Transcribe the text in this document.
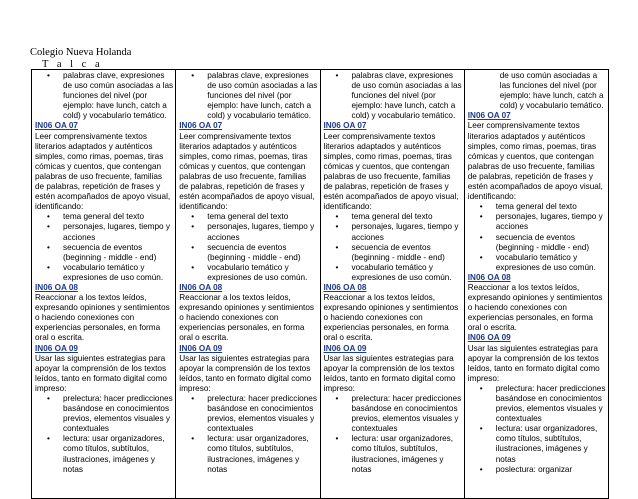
Colegio Nueva Holanda
T a l c a
• palabras clave, expresiones de uso común asociadas a las funciones del nivel (por ejemplo: have lunch, catch a cold) y vocabulario temático.
IN06 OA 07

Leer comprensivamente textos literarios adaptados y auténticos simples, como rimas, poemas, tiras cómicas y cuentos, que contengan palabras de uso frecuente, familias de palabras, repetición de frases y estén acompañados de apoyo visual, identificando:

• tema general del texto
• personajes, lugares, tiempo y acciones
• secuencia de eventos (beginning - middle - end)
• vocabulario temático y expresiones de uso común.
IN06 OA 08

Reaccionar a los textos leídos, expresando opiniones y sentimientos o haciendo conexiones con experiencias personales, en forma oral o escrita.

IN06 OA 09

Usar las siguientes estrategias para apoyar la comprensión de los textos leídos, tanto en formato digital como impreso:

• prelectura: hacer predicciones basándose en conocimientos previos, elementos visuales y contextuales
• lectura: usar organizadores, como títulos, subtítulos, ilustraciones, imágenes y notas

• palabras clave, expresiones de uso común asociadas a las funciones del nivel (por ejemplo: have lunch, catch a cold) y vocabulario temático.
IN06 OA 07

Leer comprensivamente textos literarios adaptados y auténticos simples, como rimas, poemas, tiras cómicas y cuentos, que contengan palabras de uso frecuente, familias de palabras, repetición de frases y estén acompañados de apoyo visual, identificando:

• tema general del texto
• personajes, lugares, tiempo y acciones
• secuencia de eventos (beginning - middle - end)
• vocabulario temático y expresiones de uso común.
IN06 OA 08

Reaccionar a los textos leídos, expresando opiniones y sentimientos o haciendo conexiones con experiencias personales, en forma oral o escrita.

IN06 OA 09

Usar las siguientes estrategias para apoyar la comprensión de los textos leídos, tanto en formato digital como impreso:

• prelectura: hacer predicciones basándose en conocimientos previos, elementos visuales y contextuales
• lectura: usar organizadores, como títulos, subtítulos, ilustraciones, imágenes y notas

• palabras clave, expresiones de uso común asociadas a las funciones del nivel (por ejemplo: have lunch, catch a cold) y vocabulario temático.
IN06 OA 07

Leer comprensivamente textos literarios adaptados y auténticos simples, como rimas, poemas, tiras cómicas y cuentos, que contengan palabras de uso frecuente, familias de palabras, repetición de frases y estén acompañados de apoyo visual, identificando:

• tema general del texto
• personajes, lugares, tiempo y acciones
• secuencia de eventos (beginning - middle - end)
• vocabulario temático y expresiones de uso común.
IN06 OA 08

Reaccionar a los textos leídos, expresando opiniones y sentimientos o haciendo conexiones con experiencias personales, en forma oral o escrita.

IN06 OA 09

Usar las siguientes estrategias para apoyar la comprensión de los textos leídos, tanto en formato digital como impreso:

• prelectura: hacer predicciones basándose en conocimientos previos, elementos visuales y contextuales
• lectura: usar organizadores, como títulos, subtítulos, ilustraciones, imágenes y notas

de uso común asociadas a las funciones del nivel (por ejemplo: have lunch, catch a cold) y vocabulario temático.
IN06 OA 07

Leer comprensivamente textos literarios adaptados y auténticos simples, como rimas, poemas, tiras cómicas y cuentos, que contengan palabras de uso frecuente, familias de palabras, repetición de frases y estén acompañados de apoyo visual, identificando:

• tema general del texto
• personajes, lugares, tiempo y acciones
• secuencia de eventos (beginning - middle - end)
• vocabulario temático y expresiones de uso común.
IN06 OA 08

Reaccionar a los textos leídos, expresando opiniones y sentimientos o haciendo conexiones con experiencias personales, en forma oral o escrita.

IN06 OA 09

Usar las siguientes estrategias para apoyar la comprensión de los textos leídos, tanto en formato digital como impreso:

• prelectura: hacer predicciones basándose en conocimientos previos, elementos visuales y contextuales
• lectura: usar organizadores, como títulos, subtítulos, ilustraciones, imágenes y notas
• poslectura: organizar
